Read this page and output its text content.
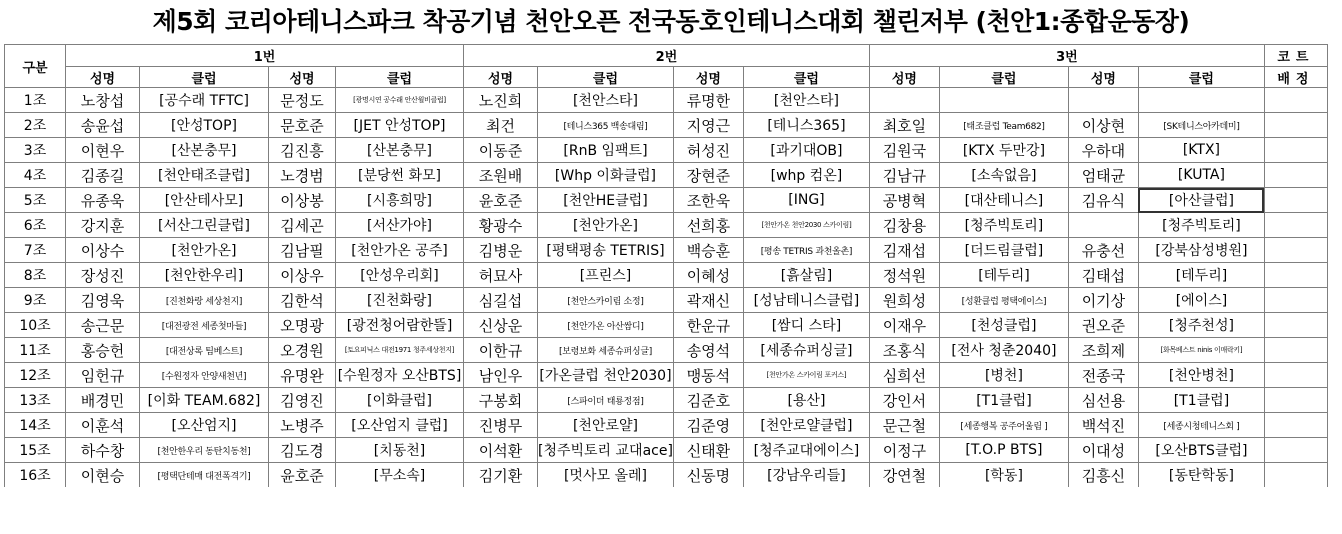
제5회 코리아테니스파크 착공기념 천안오픈 전국동호인테니스대회 챌린저부 (천안1:종합운동장)
구분	1번				2번				3번				코트
	성명	클럽	성명	클럽	성명	클럽	성명	클럽	성명	클럽	성명	클럽	배정
1조	노창섭	[공수래 TFTC]	문정도	[광명시연 공수래 안산윌비클럽]	노진희	[천안스타]	류명한	[천안스타]					
2조	송윤섭	[안성TOP]	문호준	[JET 안성TOP]	최건	[테니스365 백송대림]	지영근	[테니스365]	최호일	[태조클럽 Team682]	이상현	[SK테니스아카데미]	
3조	이현우	[산본충무]	김진흥	[산본충무]	이동준	[RnB 임팩트]	허성진	[과기대OB]	김원국	[KTX 두만강]	우하대	[KTX]	
4조	김종길	[천안태조클럽]	노경범	[분당썬 화모]	조원배	[Whp 이화클럽]	장현준	[whp 컴온]	김남규	[소속없음]	엄태균	[KUTA]	
5조	유종욱	[안산테사모]	이상봉	[시흥희망]	윤호준	[천안HE클럽]	조한욱	[ING]	공병혁	[대산테니스]	김유식	[아산클럽]	
6조	강지훈	[서산그린클럽]	김세곤	[서산가야]	황광수	[천안가온]	선희홍	[천안가온 천안2030 스카이림]	김창용	[청주빅토리]		[청주빅토리]	
7조	이상수	[천안가온]	김남필	[천안가온 공주]	김병운	[평택평송 TETRIS]	백승훈	[평송 TETRIS 과천올촌]	김재섭	[더드림클럽]	유충선	[강북삼성병원]	
8조	장성진	[천안한우리]	이상우	[안성우리회]	허묘사	[프린스]	이혜성	[흙살림]	정석원	[테두리]	김태섭	[테두리]	
9조	김영욱	[진천화랑 세상천지]	김한석	[진천화랑]	심길섭	[천안스카이림 소정]	곽재신	[성남테니스클럽]	원희성	[성환클럽 평택에이스]	이기상	[에이스]	
10조	송근문	[대전광전 세종첫마들]	오명광	[광전청어람한뜰]	신상운	[천안가온 아산쌈디]	한운규	[쌈디 스타]	이재우	[천성클럽]	권오준	[청주천성]	
11조	홍승헌	[대전상록 팀베스트]	오경원	[토요피닉스 대전1971 청주세상천지]	이한규	[보령보화 세종슈퍼싱글]	송영석	[세종슈퍼싱글]	조홍식	[전사 청춘2040]	조희제	[화목베스트 ninis 이매락키]	
12조	임헌규	[수원정자 안양새천년]	유명완	[수원정자 오산BTS]	남인우	[가온클럽 천안2030]	맹동석	[천안가온 스카이림 포커스]	심희선	[병천]	전종국	[천안병천]	
13조	배경민	[이화 TEAM.682]	김영진	[이화클럽]	구봉회	[스파이더 태룡정점]	김준호	[용산]	강인서	[T1클럽]	심선용	[T1클럽]	
14조	이훈석	[오산엄지]	노병주	[오산엄지 클럽]	진병무	[천안로얄]	김준영	[천안로얄클럽]	문근철	[세종행복 공주어울림 ]	백석진	[세종시청테니스회 ]	
15조	하수창	[천안한우리 동탄치동천]	김도경	[치동천]	이석환	[청주빅토리 교대ace]	신태환	[청주교대에이스]	이정구	[T.O.P BTS]	이대성	[오산BTS클럽]	
16조	이현승	[평택단테매 대전폭격기]	윤호준	[무소속]	김기환	[멋사모 올레]	신동명	[강남우리들]	강연철	[학동]	김흥신	[동탄학동]	
